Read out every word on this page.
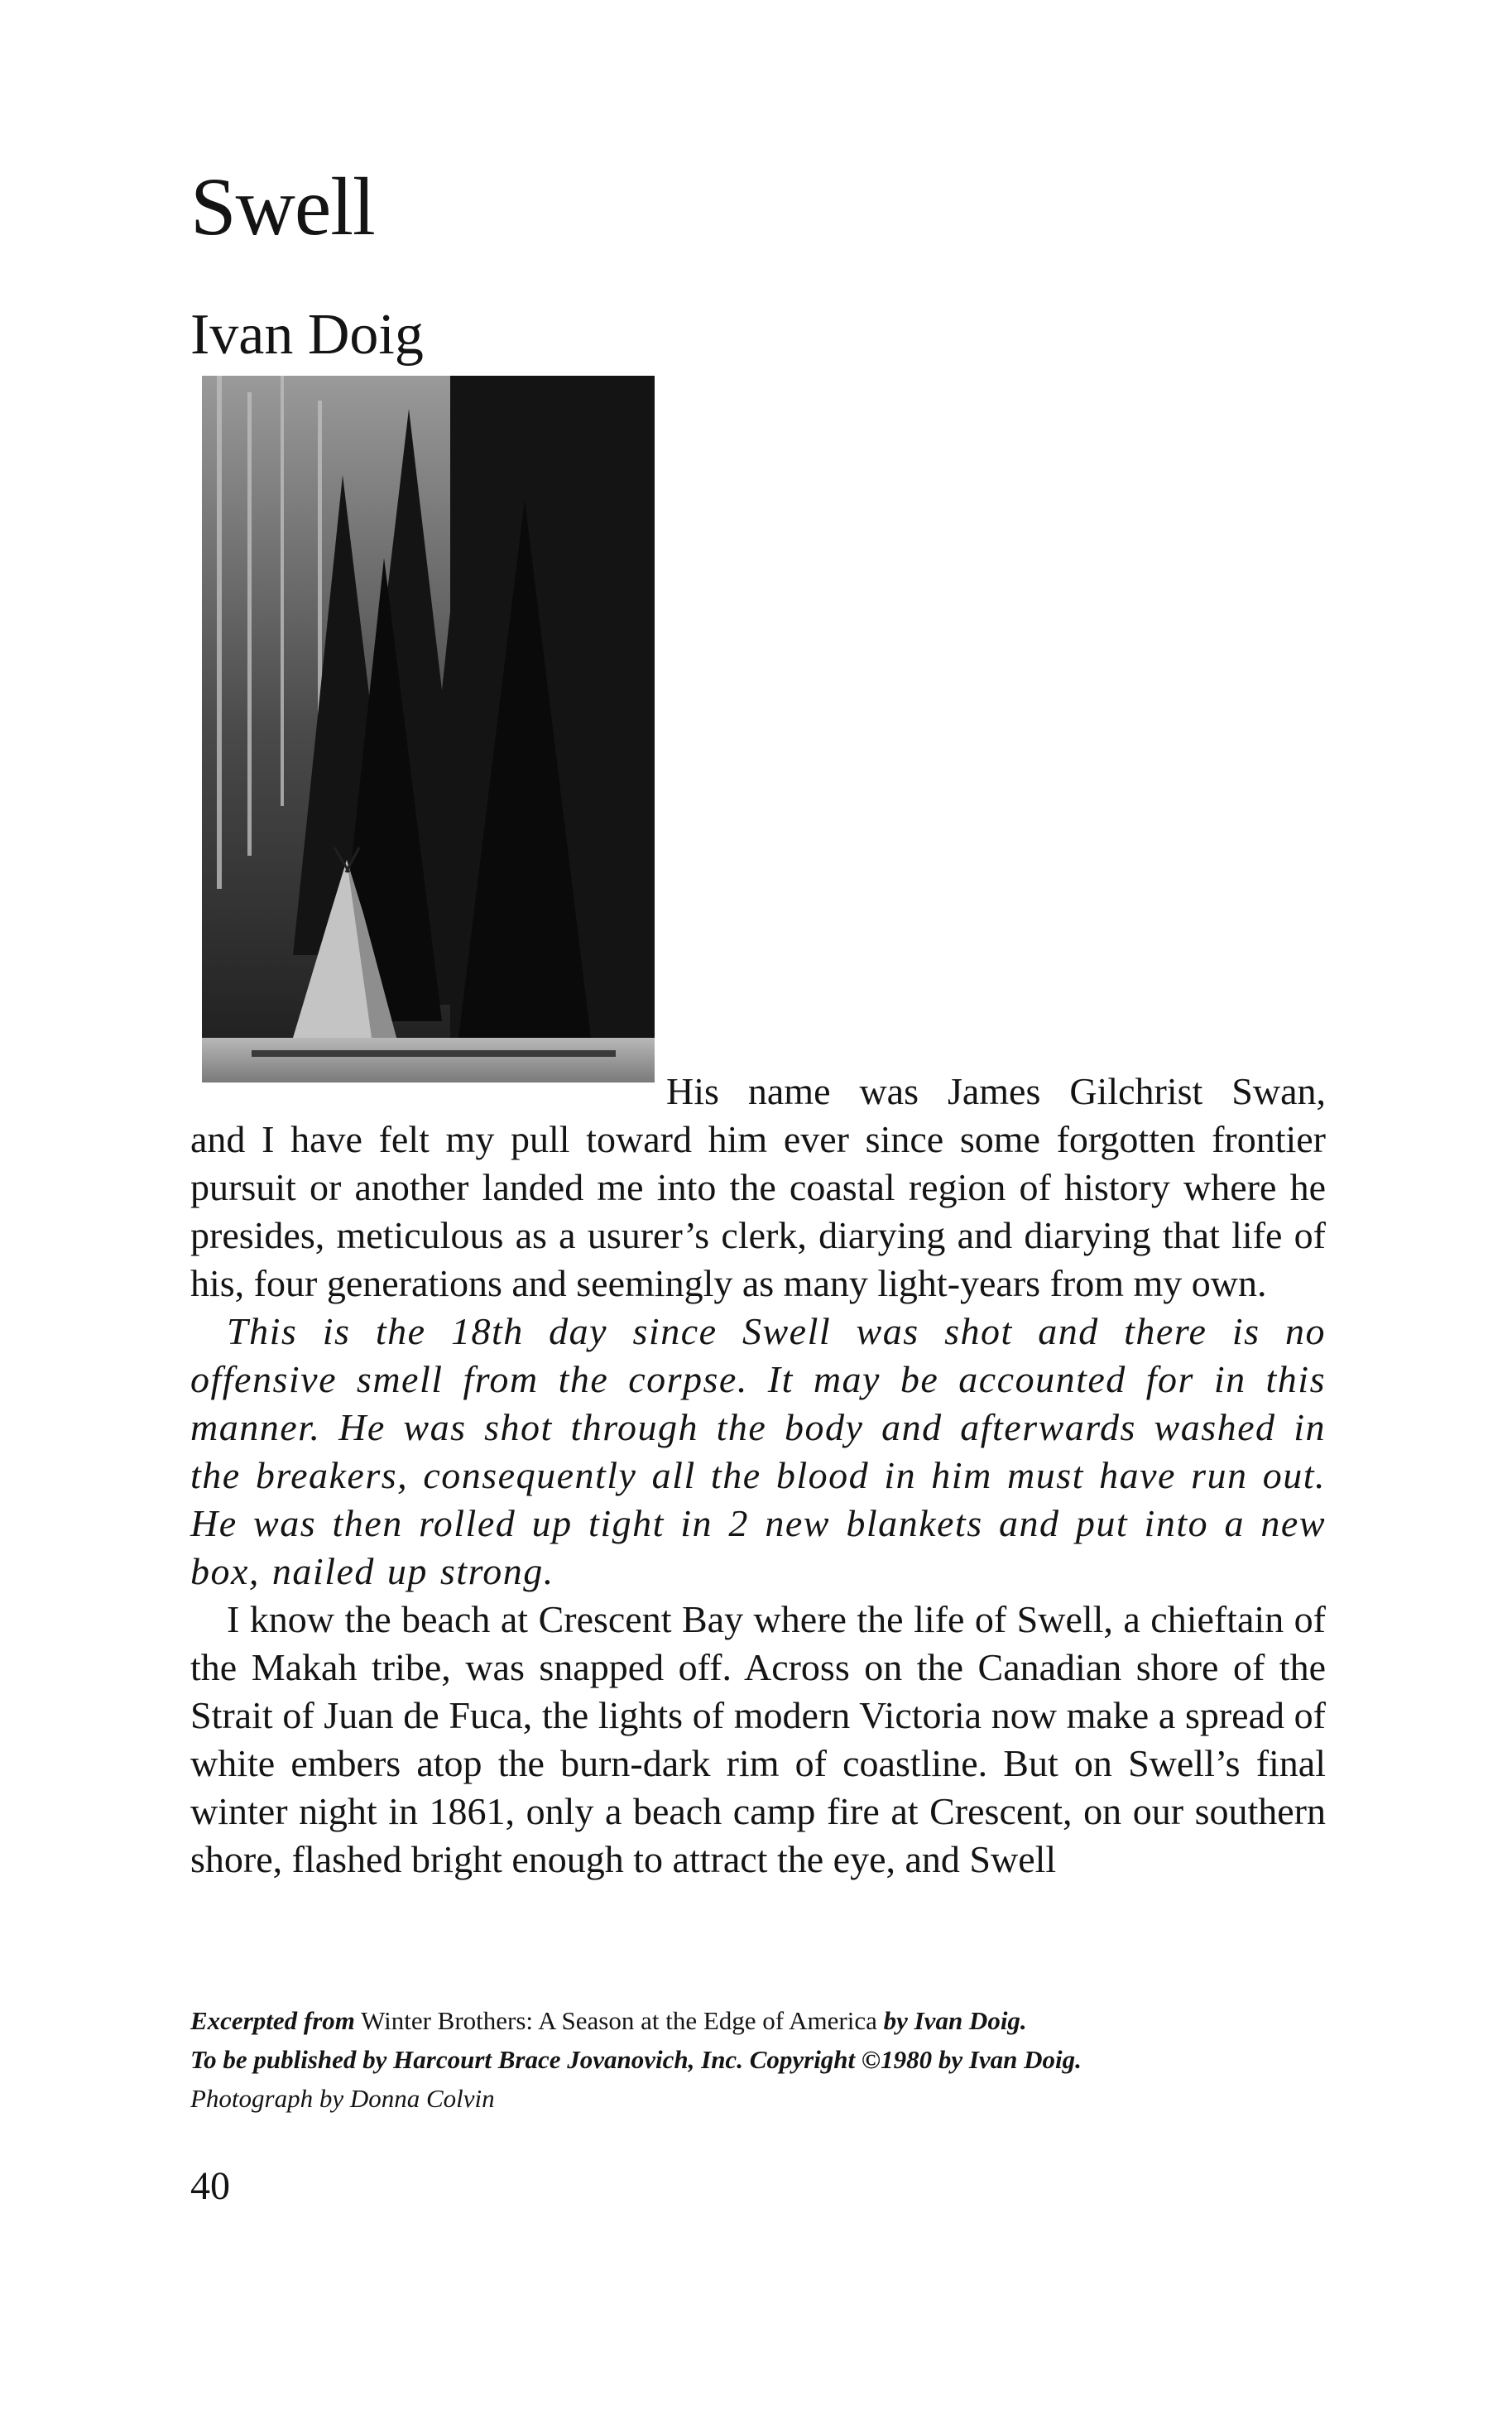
Swell
Ivan Doig

His name was James Gilchrist Swan,

and I have felt my pull toward him ever since some forgotten frontier pursuit or another landed me into the coastal region of history where he presides, meticulous as a usurer’s clerk, diarying and diarying that life of his, four generations and seemingly as many light-years from my own.

This is the 18th day since Swell was shot and there is no offensive smell from the corpse. It may be accounted for in this manner. He was shot through the body and afterwards washed in the breakers, consequently all the blood in him must have run out. He was then rolled up tight in 2 new blankets and put into a new box, nailed up strong.

I know the beach at Crescent Bay where the life of Swell, a chieftain of the Makah tribe, was snapped off. Across on the Canadian shore of the Strait of Juan de Fuca, the lights of modern Victoria now make a spread of white embers atop the burn-dark rim of coastline. But on Swell’s final winter night in 1861, only a beach camp fire at Crescent, on our southern shore, flashed bright enough to attract the eye, and Swell

Excerpted from Winter Brothers: A Season at the Edge of America by Ivan Doig.

To be published by Harcourt Brace Jovanovich, Inc. Copyright ©1980 by Ivan Doig.

Photograph by Donna Colvin

40
